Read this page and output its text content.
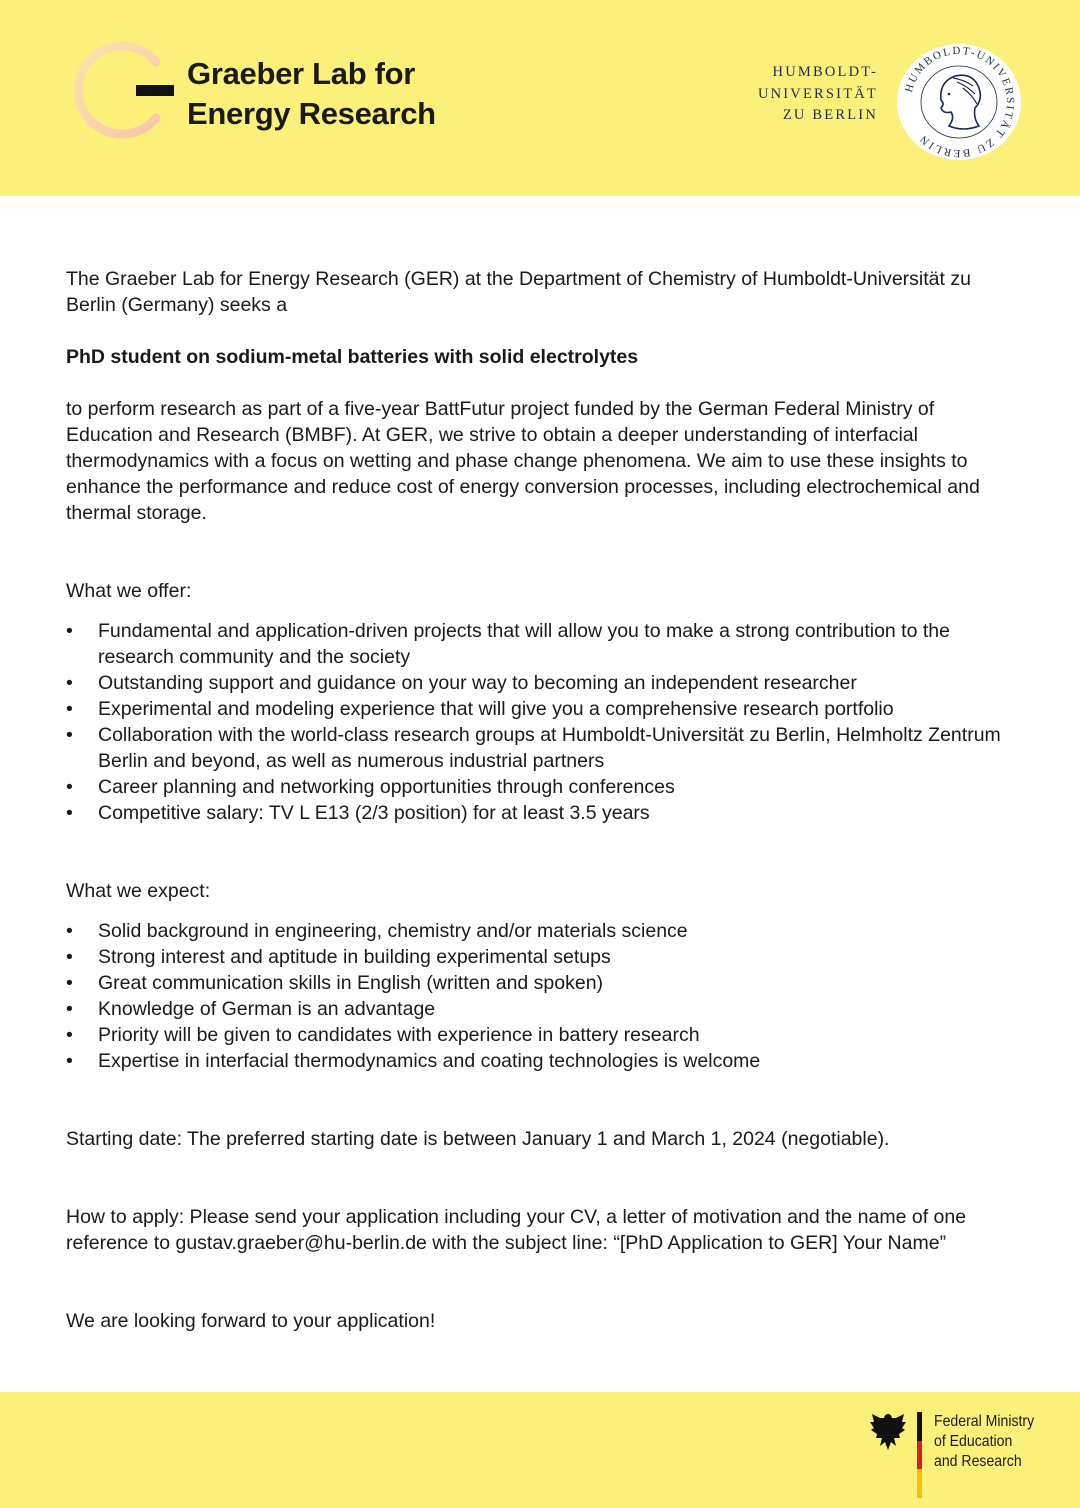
Graeber Lab for
Energy Research
HUMBOLDT-
UNIVERSITÄT
ZU BERLIN
HUMBOLDT-UNIVERSITÄT ZU BERLIN

The Graeber Lab for Energy Research (GER) at the Department of Chemistry of Humboldt-Universität zu Berlin (Germany) seeks a

PhD student on sodium-metal batteries with solid electrolytes

to perform research as part of a five-year BattFutur project funded by the German Federal Ministry of Education and Research (BMBF). At GER, we strive to obtain a deeper understanding of interfacial thermodynamics with a focus on wetting and phase change phenomena. We aim to use these insights to enhance the performance and reduce cost of energy conversion processes, including electrochemical and thermal storage.

What we offer:

• Fundamental and application-driven projects that will allow you to make a strong contribution to the research community and the society
• Outstanding support and guidance on your way to becoming an independent researcher
• Experimental and modeling experience that will give you a comprehensive research portfolio
• Collaboration with the world-class research groups at Humboldt-Universität zu Berlin, Helmholtz Zentrum Berlin and beyond, as well as numerous industrial partners
• Career planning and networking opportunities through conferences
• Competitive salary: TV L E13 (2/3 position) for at least 3.5 years

What we expect:

• Solid background in engineering, chemistry and/or materials science
• Strong interest and aptitude in building experimental setups
• Great communication skills in English (written and spoken)
• Knowledge of German is an advantage
• Priority will be given to candidates with experience in battery research
• Expertise in interfacial thermodynamics and coating technologies is welcome

Starting date: The preferred starting date is between January 1 and March 1, 2024 (negotiable).

How to apply: Please send your application including your CV, a letter of motivation and the name of one reference to gustav.graeber@hu-berlin.de with the subject line: “[PhD Application to GER] Your Name”

We are looking forward to your application!

Federal Ministry
of Education
and Research
